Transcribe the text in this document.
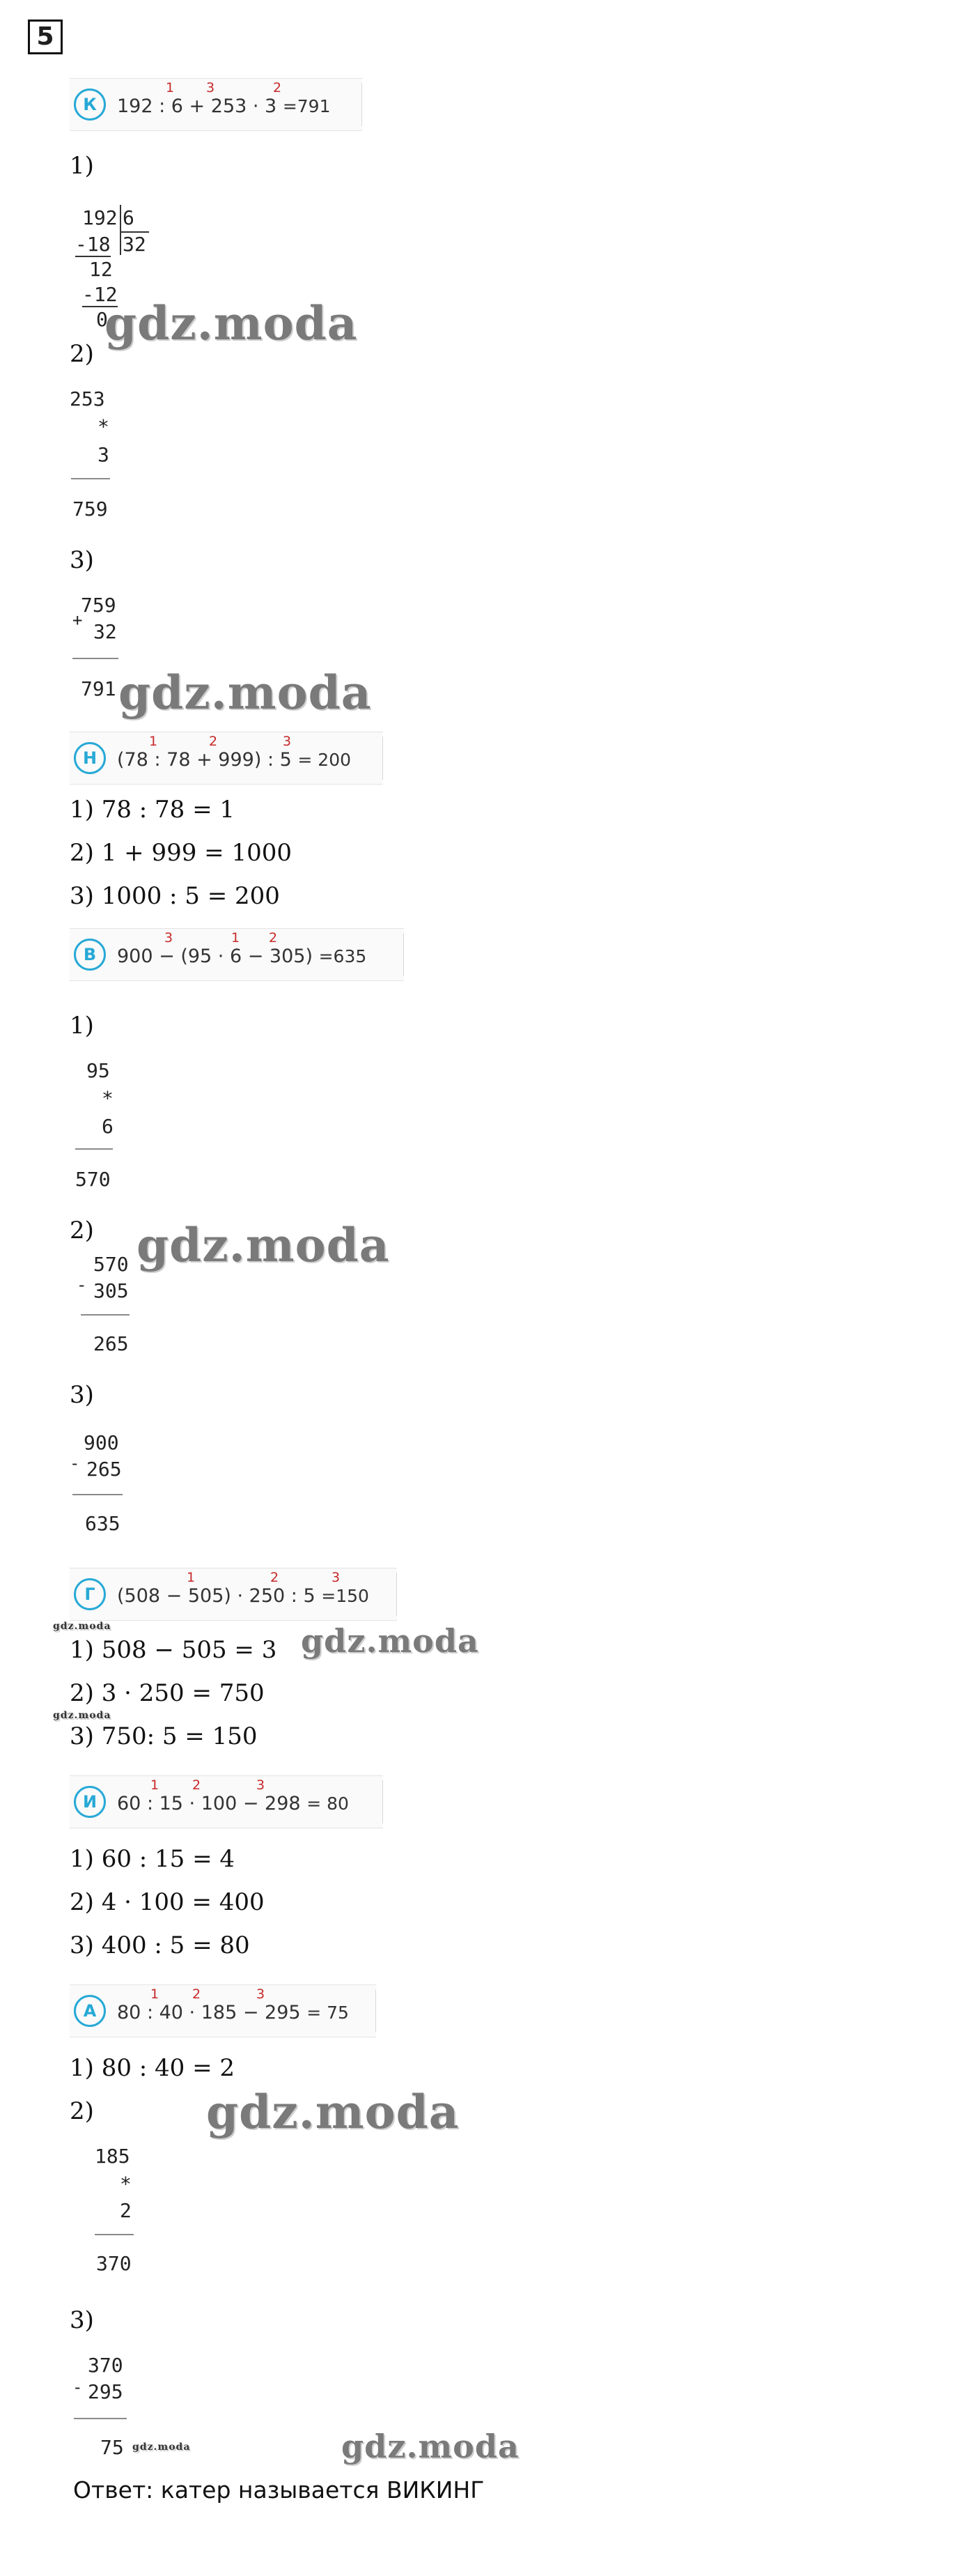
5
К
1 3	2
192 : 6 + 253 · 3 =791
1)
192 6
-18 32
12
-12
0
gdz.moda
2)
253
*
3
759
3)
+
759
32
791 gdz.moda
Н
1	2	3
(78 : 78 + 999) : 5 = 200
1) 78 : 78 = 1
2) 1 + 999 = 1000
3) 1000 : 5 = 200
В
3	1 2
900 − (95 · 6 − 305) =635
1)
95
*
6
570
2) gdz.moda
-
570
305
265
3)
-
900
265
635
Г
1	2	3
(508 − 505) · 250 : 5 =150
gdz.moda
1) 508 − 505 = 3 gdz.moda
2) 3 · 250 = 750
gdz.moda
3) 750: 5 = 150
И
1	2	3
60 : 15 · 100 − 298 = 80
1) 60 : 15 = 4
2) 4 · 100 = 400
3) 400 : 5 = 80
А
1	2	3
80 : 40 · 185 − 295 = 75
1) 80 : 40 = 2
2) gdz.moda
185
*
2
370
3)
-
370
295
75 gdz.moda	gdz.moda
Ответ: катер называется ВИКИНГ
